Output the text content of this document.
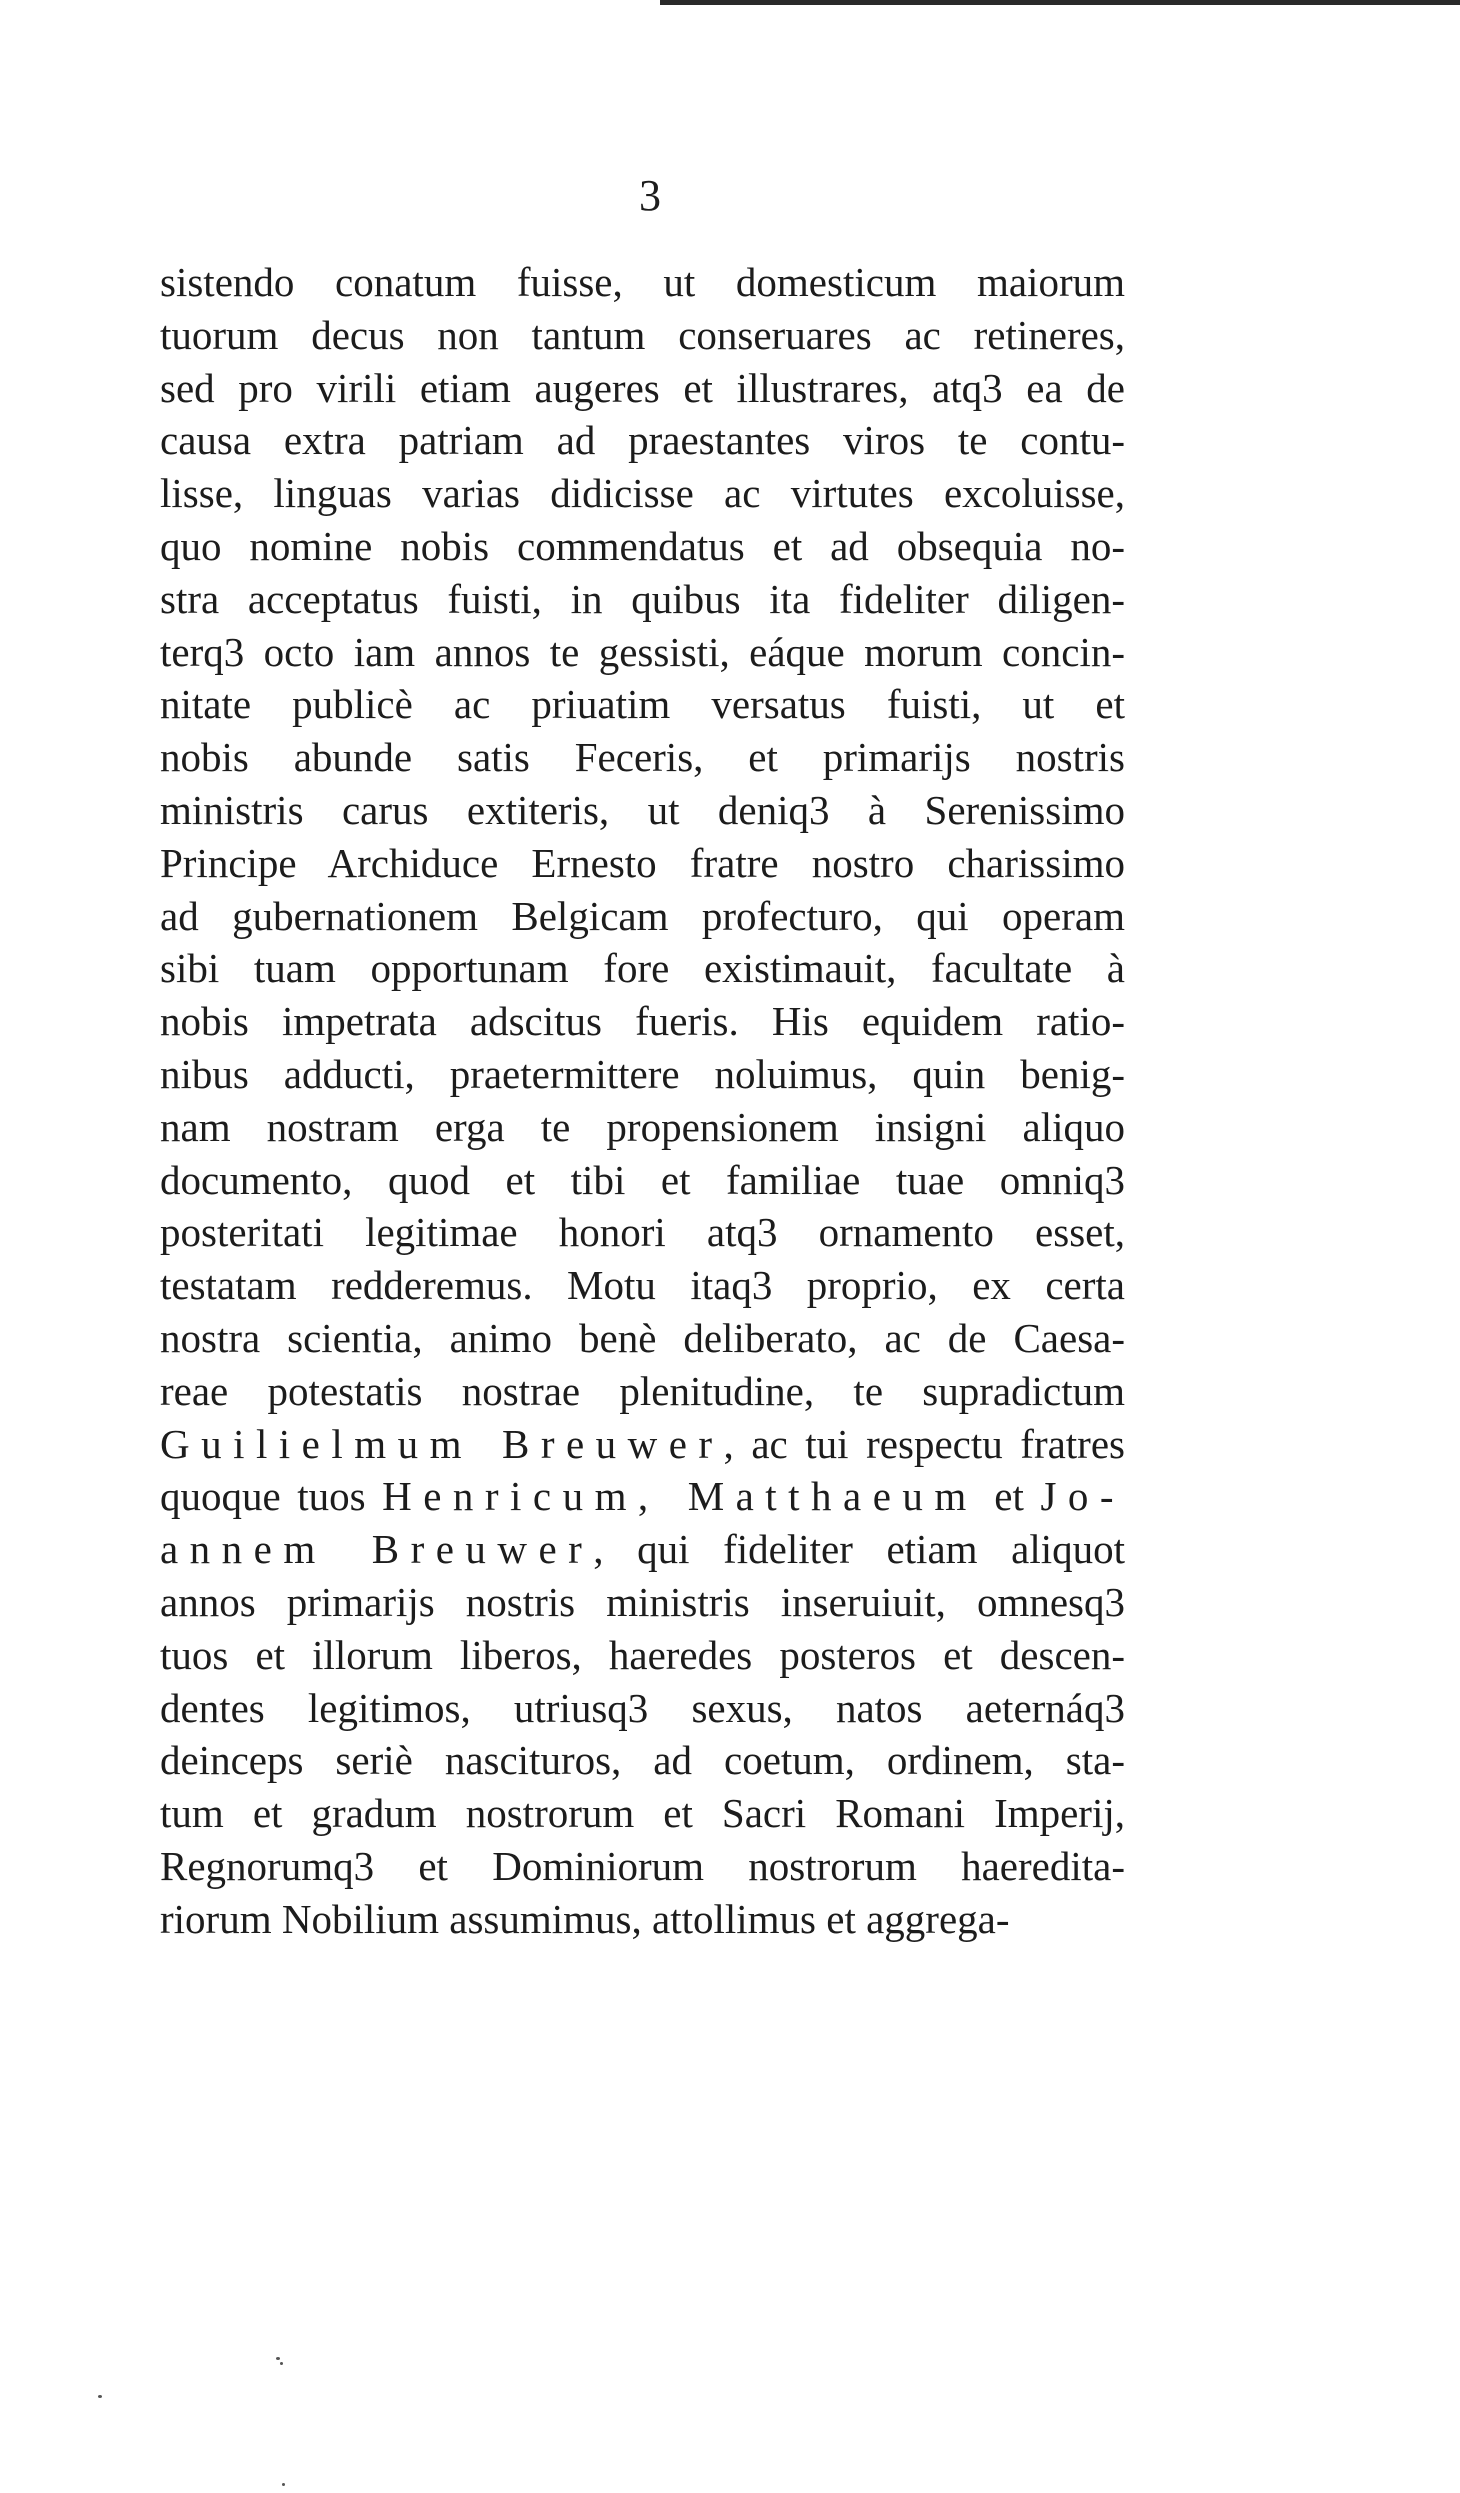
3
sistendo conatum fuisse, ut domesticum maiorum
tuorum decus non tantum conseruares ac retineres,
sed pro virili etiam augeres et illustrares, atq3 ea de
causa extra patriam ad praestantes viros te contu-
lisse, linguas varias didicisse ac virtutes excoluisse,
quo nomine nobis commendatus et ad obsequia no-
stra acceptatus fuisti, in quibus ita fideliter diligen-
terq3 octo iam annos te gessisti, eáque morum concin-
nitate publicè ac priuatim versatus fuisti, ut et
nobis abunde satis Feceris, et primarijs nostris
ministris carus extiteris, ut deniq3 à Serenissimo
Principe Archiduce Ernesto fratre nostro charissimo
ad gubernationem Belgicam profecturo, qui operam
sibi tuam opportunam fore existimauit, facultate à
nobis impetrata adscitus fueris. His equidem ratio-
nibus adducti, praetermittere noluimus, quin benig-
nam nostram erga te propensionem insigni aliquo
documento, quod et tibi et familiae tuae omniq3
posteritati legitimae honori atq3 ornamento esset,
testatam redderemus. Motu itaq3 proprio, ex certa
nostra scientia, animo benè deliberato, ac de Caesa-
reae potestatis nostrae plenitudine, te supradictum
Guilielmum Breuwer, ac tui respectu fratres
quoque tuos Henricum, Matthaeum et Jo-
annem Breuwer, qui fideliter etiam aliquot
annos primarijs nostris ministris inseruiuit, omnesq3
tuos et illorum liberos, haeredes posteros et descen-
dentes legitimos, utriusq3 sexus, natos aeternáq3
deinceps seriè nascituros, ad coetum, ordinem, sta-
tum et gradum nostrorum et Sacri Romani Imperij,
Regnorumq3 et Dominiorum nostrorum haeredita-
riorum Nobilium assumimus, attollimus et aggrega-
